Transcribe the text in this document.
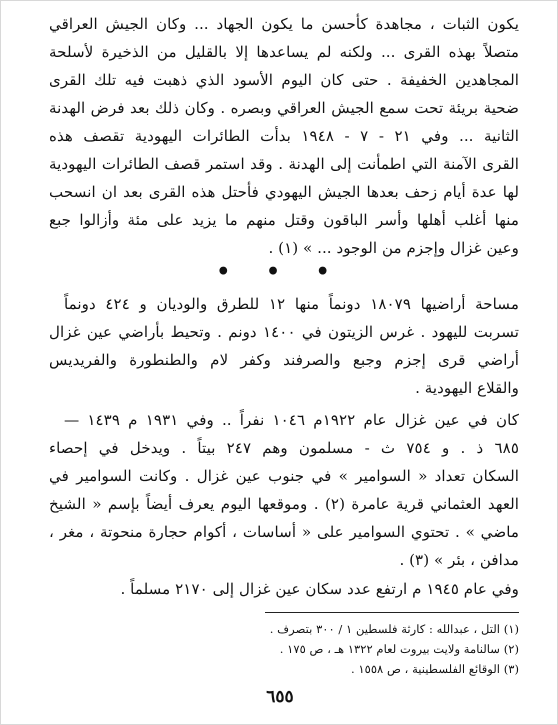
يكون الثبات ، مجاهدة كأحسن ما يكون الجهاد ... وكان الجيش العراقي
متصلاً بهذه القرى ... ولكنه لم يساعدها إلا بالقليل من الذخيرة لأسلحة
المجاهدين الخفيفة . حتى كان اليوم الأسود الذي ذهبت فيه تلك القرى
ضحية بريئة تحت سمع الجيش العراقي وبصره . وكان ذلك بعد فرض الهدنة
الثانية ... وفي ٢١ - ٧ - ١٩٤٨ بدأت الطائرات اليهودية تقصف هذه
القرى الآمنة التي اطمأنت إلى الهدنة . وقد استمر قصف الطائرات اليهودية
لها عدة أيام زحف بعدها الجيش اليهودي فأحتل هذه القرى بعد ان انسحب
منها أغلب أهلها وأسر الباقون وقتل منهم ما يزيد على مئة وأزالوا جبع
وعين غزال وإجزم من الوجود ... » (١) .
• • •
مساحة أراضيها ١٨٠٧٩ دونماً منها ١٢ للطرق والوديان و ٤٢٤ دونماً
تسربت لليهود . غرس الزيتون في ١٤٠٠ دونم . وتحيط بأراضي عين غزال
أراضي قرى إجزم وجبع والصرفند وكفر لام والطنطورة والفريديس
والقلاع اليهودية .
كان في عين غزال عام ١٩٢٢م ١٠٤٦ نفراً .. وفي ١٩٣١ م ١٤٣٩ —
٦٨٥ ذ . و ٧٥٤ ث - مسلمون وهم ٢٤٧ بيتاً . ويدخل في إحصاء
السكان تعداد « السوامير » في جنوب عين غزال . وكانت السوامير في
العهد العثماني قرية عامرة (٢) . وموقعها اليوم يعرف أيضاً بإسم « الشيخ
ماضي » . تحتوي السوامير على « أساسات ، أكوام حجارة منحوتة ، مغر ،
مدافن ، بئر » (٣) .
وفي عام ١٩٤٥ م ارتفع عدد سكان عين غزال إلى ٢١٧٠ مسلماً .
(١) التل ، عبدالله : كارثة فلسطين ١ / ٣٠٠ بتصرف .
(٢) سالنامة ولايت بيروت لعام ١٣٢٢ هـ ، ص ١٧٥ .
(٣) الوقائع الفلسطينية ، ص ١٥٥٨ .
٦٥٥
